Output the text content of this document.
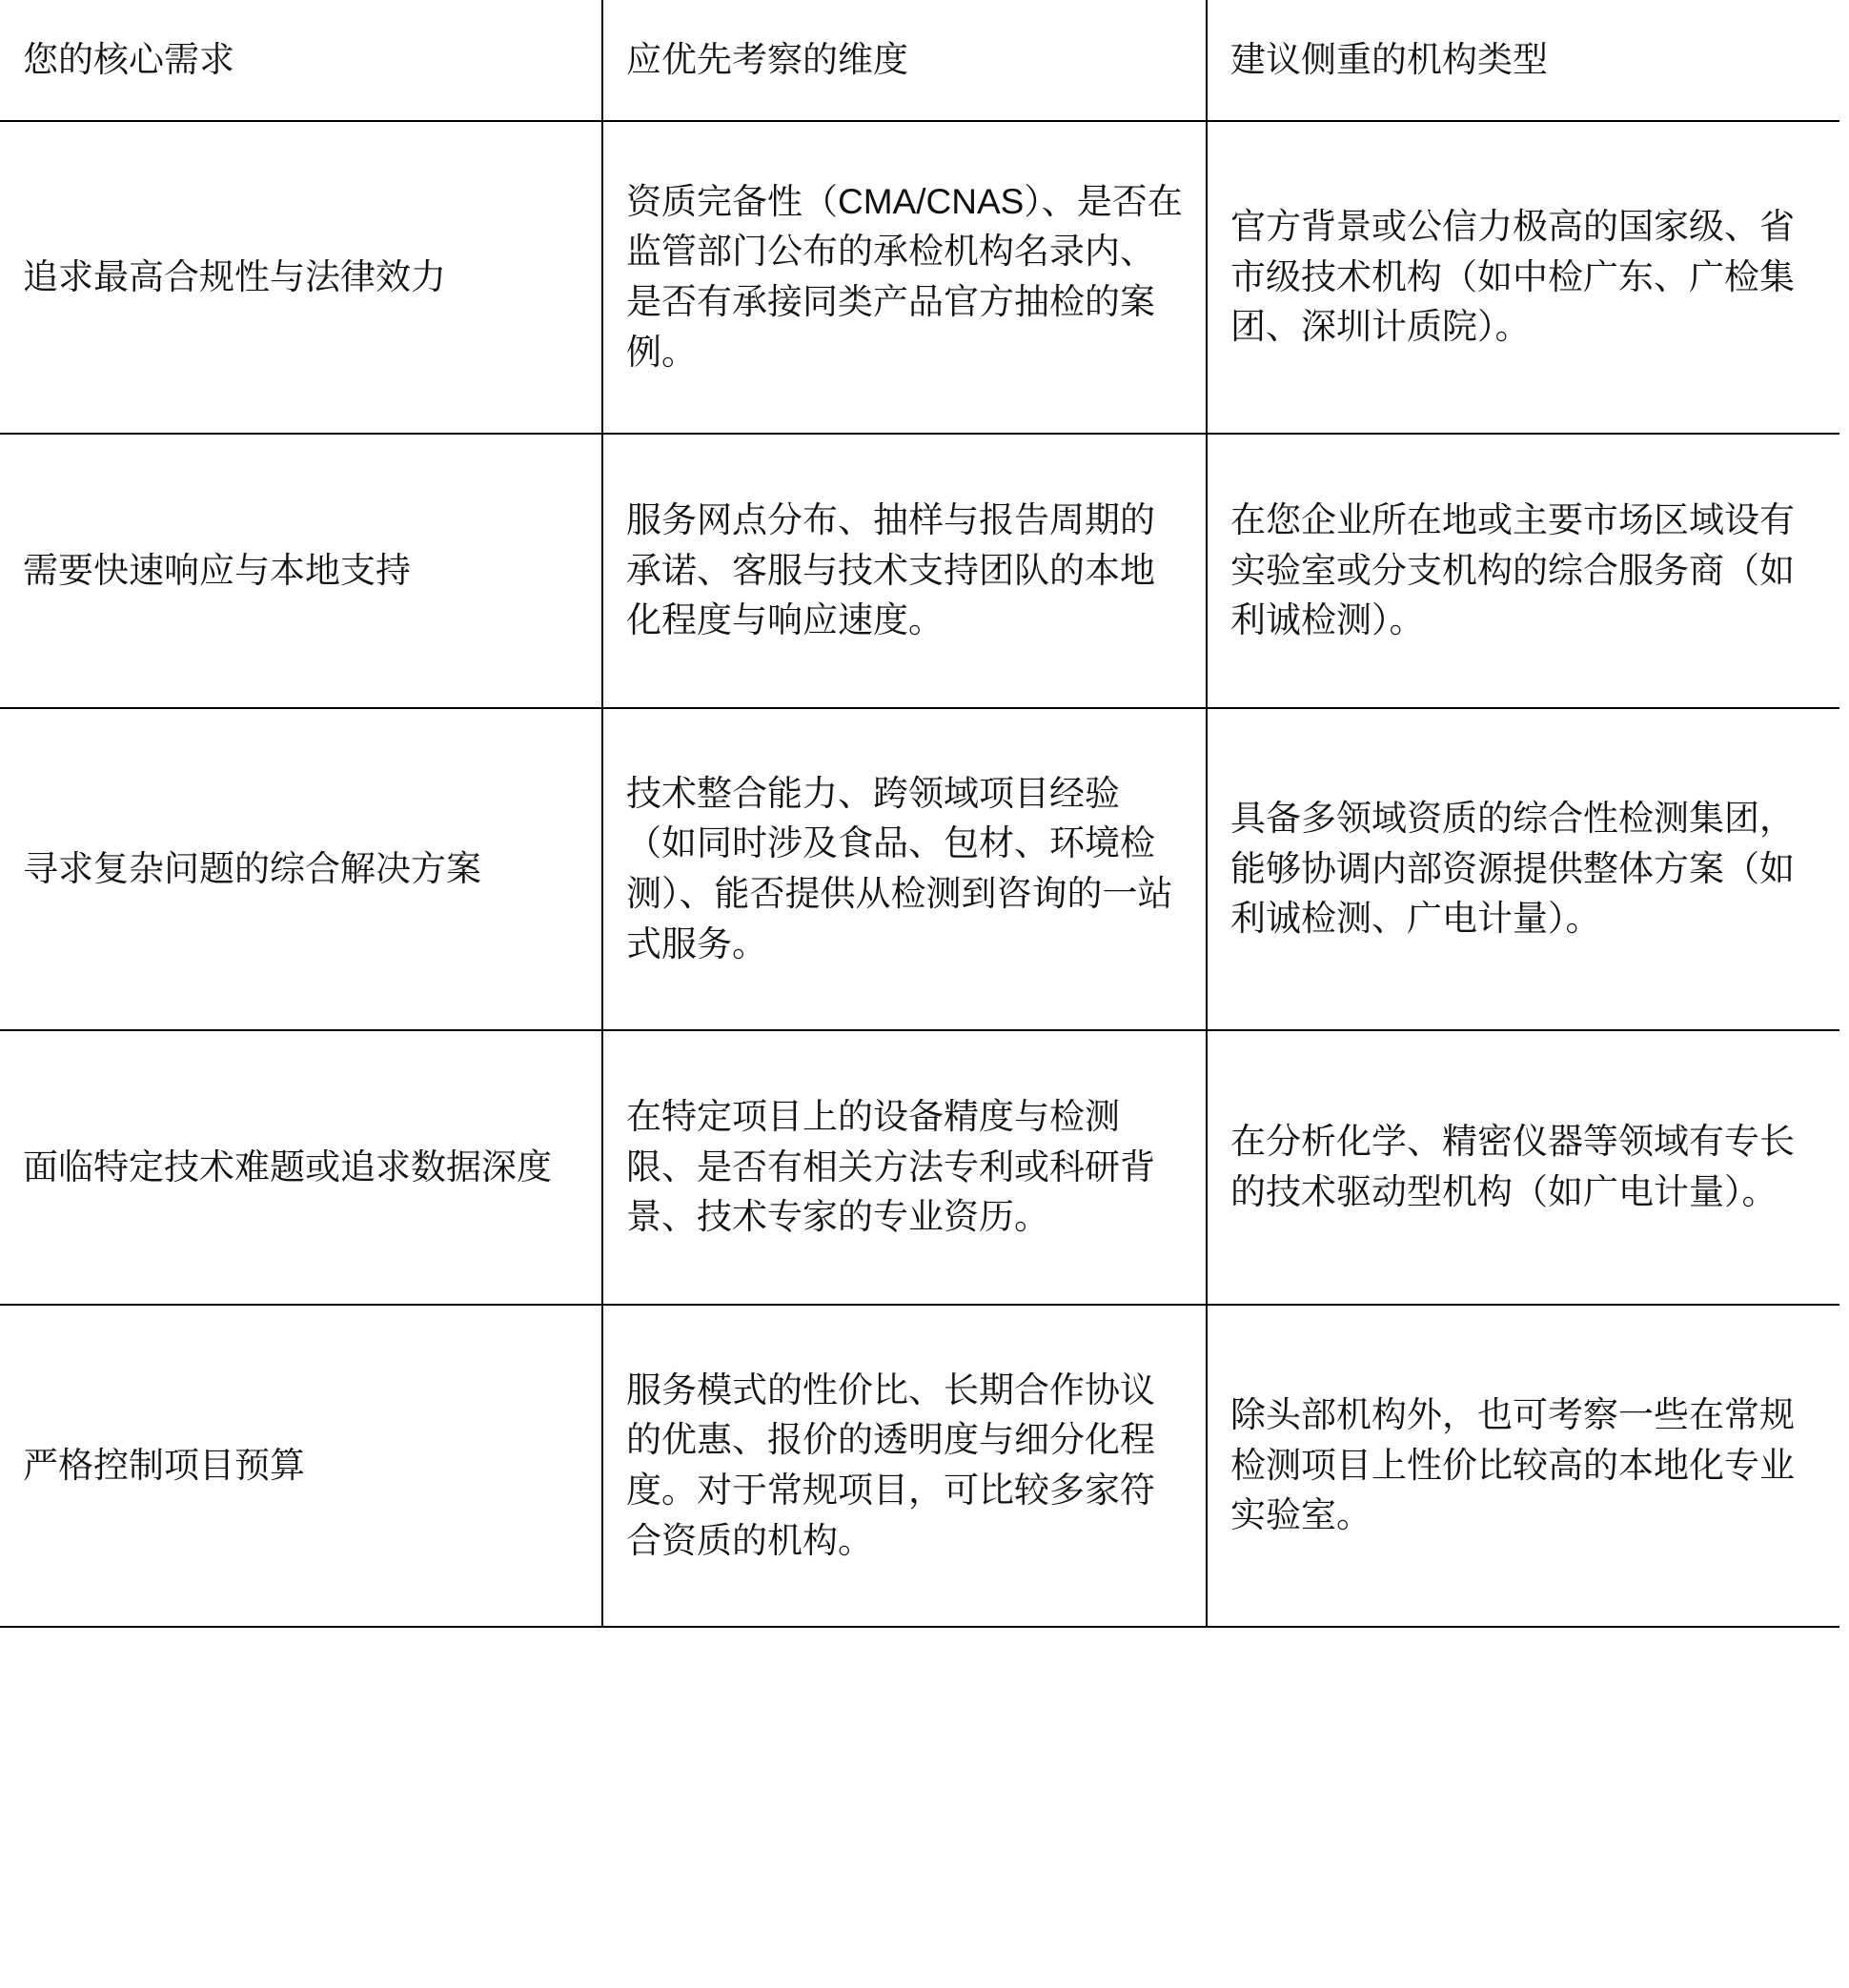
您的核心需求	应优先考察的维度	建议侧重的机构类型
追求最高合规性与法律效力	资质完备性（CMA/CNAS）、是否在监管部门公布的承检机构名录内、是否有承接同类产品官方抽检的案例。	官方背景或公信力极高的国家级、省市级技术机构（如中检广东、广检集团、深圳计质院）。
需要快速响应与本地支持	服务网点分布、抽样与报告周期的承诺、客服与技术支持团队的本地化程度与响应速度。	在您企业所在地或主要市场区域设有实验室或分支机构的综合服务商（如利诚检测）。
寻求复杂问题的综合解决方案	技术整合能力、跨领域项目经验（如同时涉及食品、包材、环境检测）、能否提供从检测到咨询的一站式服务。	具备多领域资质的综合性检测集团，能够协调内部资源提供整体方案（如利诚检测、广电计量）。
面临特定技术难题或追求数据深度	在特定项目上的设备精度与检测限、是否有相关方法专利或科研背景、技术专家的专业资历。	在分析化学、精密仪器等领域有专长的技术驱动型机构（如广电计量）。
严格控制项目预算	服务模式的性价比、长期合作协议的优惠、报价的透明度与细分化程度。对于常规项目，可比较多家符合资质的机构。	除头部机构外，也可考察一些在常规检测项目上性价比较高的本地化专业实验室。
